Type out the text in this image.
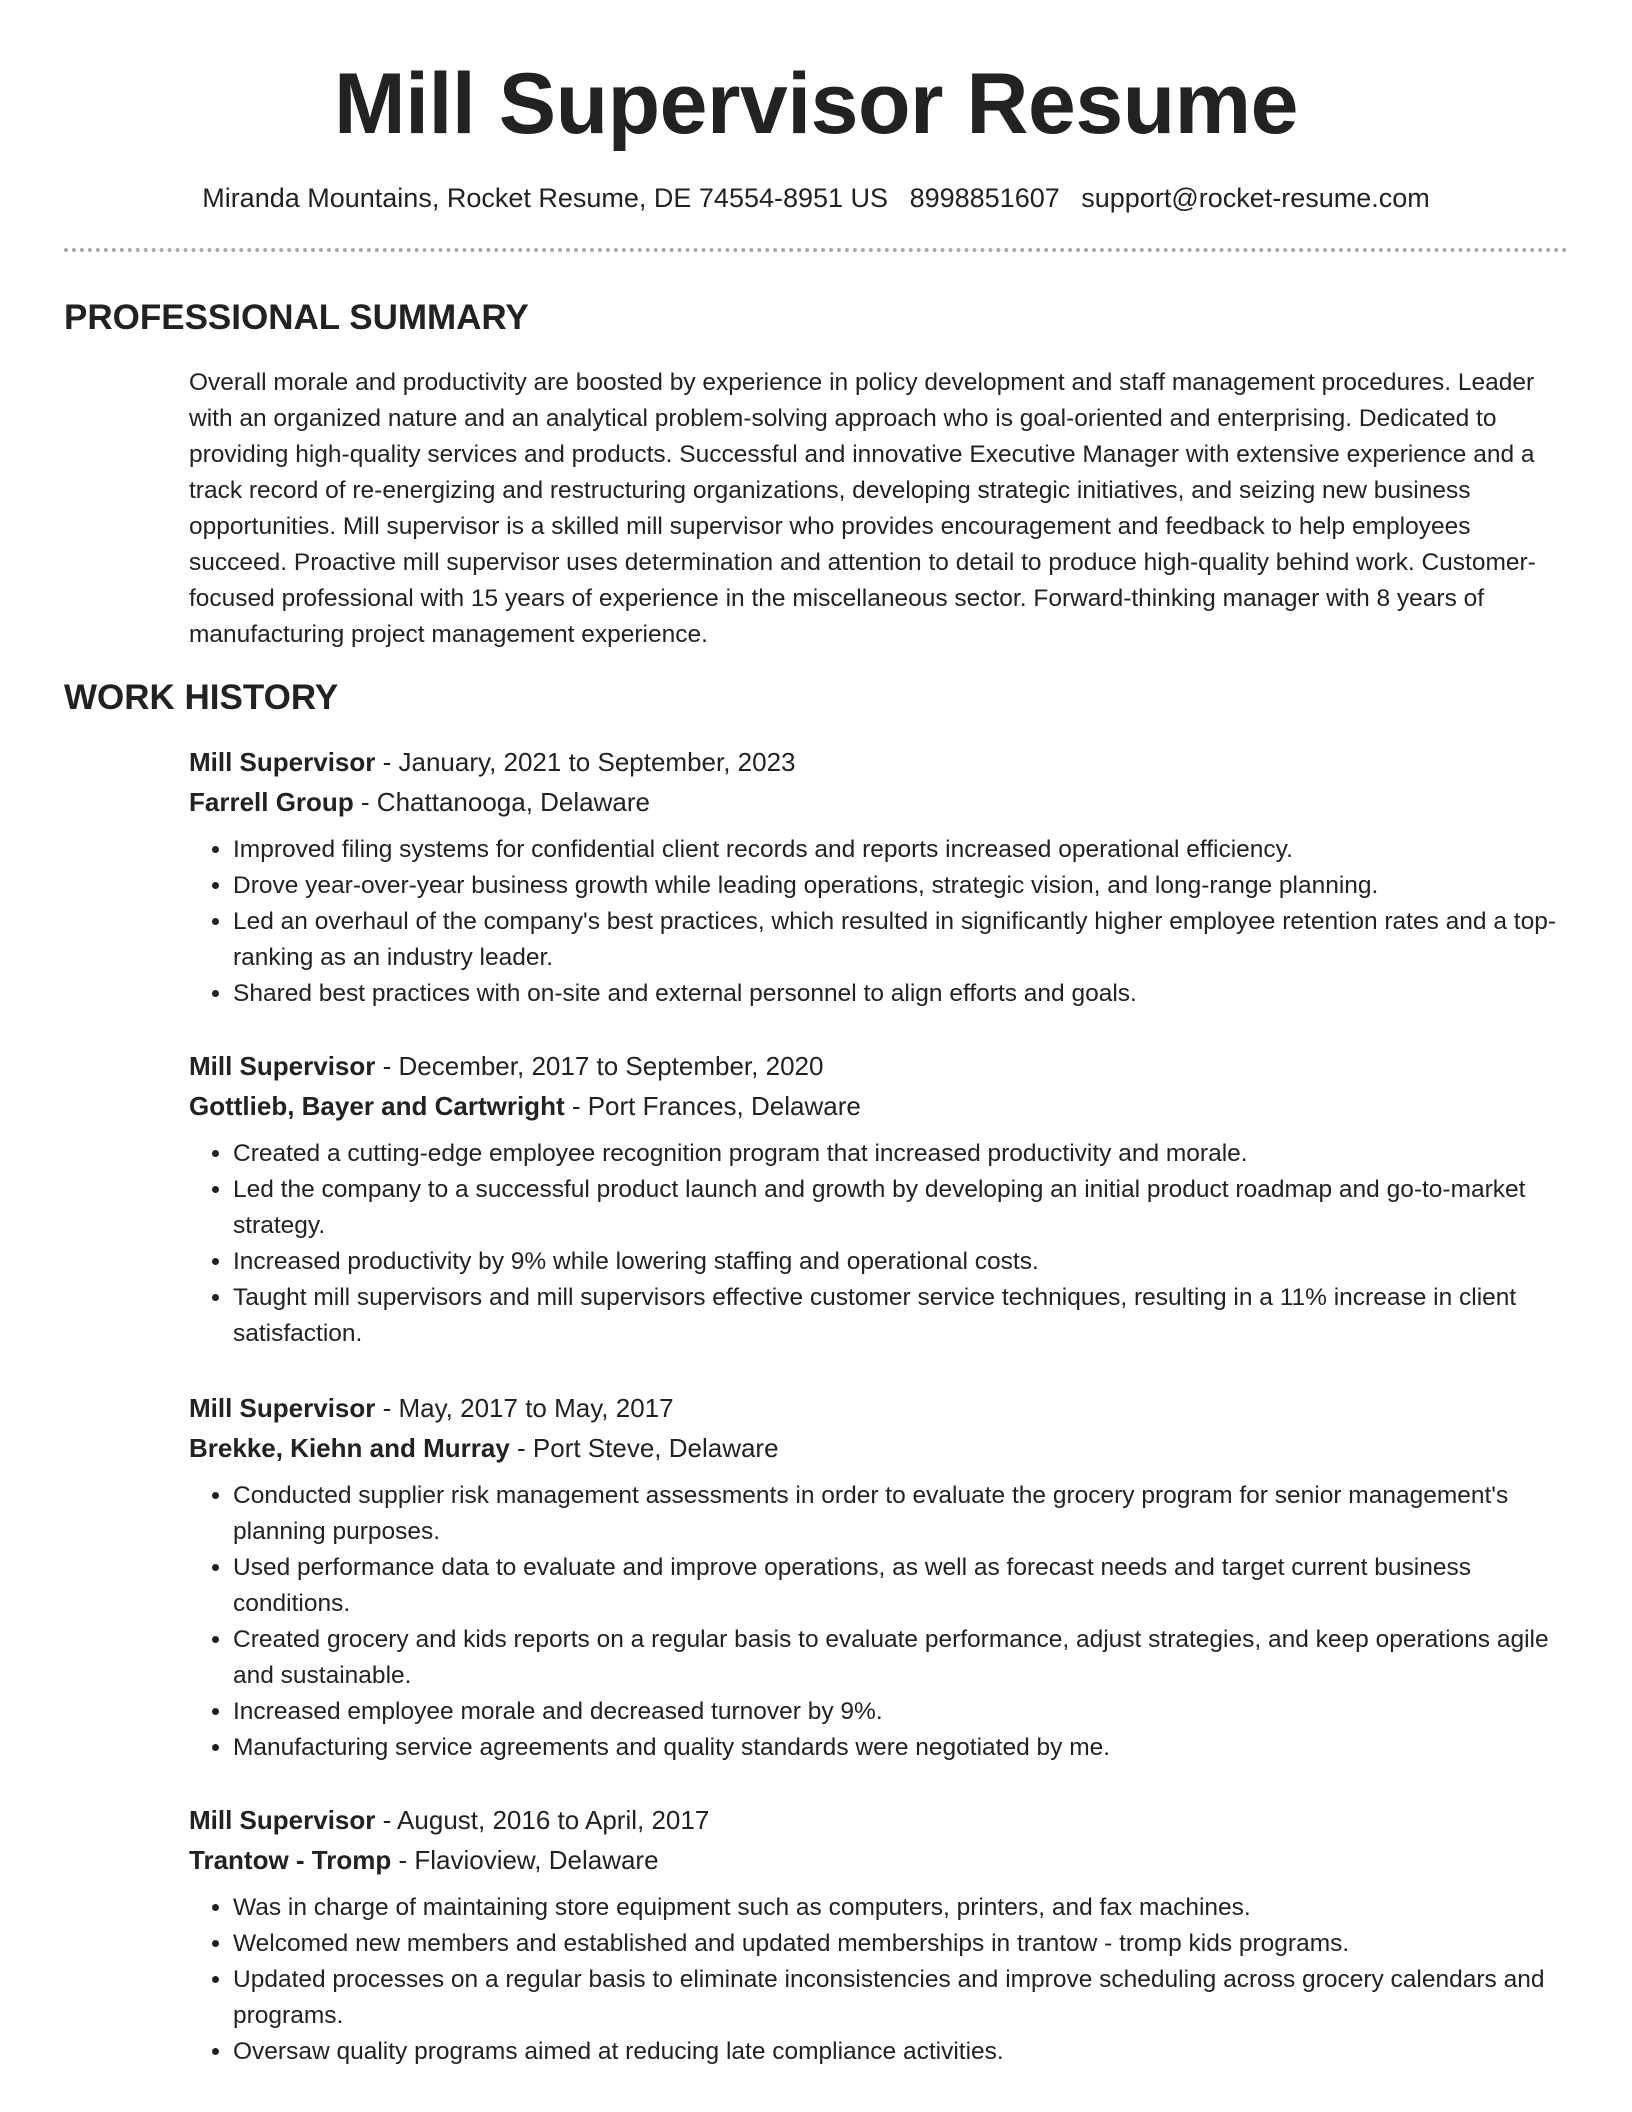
Mill Supervisor Resume
Miranda Mountains, Rocket Resume, DE 74554-8951 US 8998851607 support@rocket-resume.com
PROFESSIONAL SUMMARY

Overall morale and productivity are boosted by experience in policy development and staff management procedures. Leader with an organized nature and an analytical problem-solving approach who is goal-oriented and enterprising. Dedicated to providing high-quality services and products. Successful and innovative Executive Manager with extensive experience and a track record of re-energizing and restructuring organizations, developing strategic initiatives, and seizing new business opportunities. Mill supervisor is a skilled mill supervisor who provides encouragement and feedback to help employees succeed. Proactive mill supervisor uses determination and attention to detail to produce high-quality behind work. Customer-focused professional with 15 years of experience in the miscellaneous sector. Forward-thinking manager with 8 years of manufacturing project management experience.

WORK HISTORY
Mill Supervisor - January, 2021 to September, 2023
Farrell Group - Chattanooga, Delaware
• Improved filing systems for confidential client records and reports increased operational efficiency.
• Drove year-over-year business growth while leading operations, strategic vision, and long-range planning.
• Led an overhaul of the company's best practices, which resulted in significantly higher employee retention rates and a top-ranking as an industry leader.
• Shared best practices with on-site and external personnel to align efforts and goals.
Mill Supervisor - December, 2017 to September, 2020
Gottlieb, Bayer and Cartwright - Port Frances, Delaware
• Created a cutting-edge employee recognition program that increased productivity and morale.
• Led the company to a successful product launch and growth by developing an initial product roadmap and go-to-market strategy.
• Increased productivity by 9% while lowering staffing and operational costs.
• Taught mill supervisors and mill supervisors effective customer service techniques, resulting in a 11% increase in client satisfaction.
Mill Supervisor - May, 2017 to May, 2017
Brekke, Kiehn and Murray - Port Steve, Delaware
• Conducted supplier risk management assessments in order to evaluate the grocery program for senior management's planning purposes.
• Used performance data to evaluate and improve operations, as well as forecast needs and target current business conditions.
• Created grocery and kids reports on a regular basis to evaluate performance, adjust strategies, and keep operations agile and sustainable.
• Increased employee morale and decreased turnover by 9%.
• Manufacturing service agreements and quality standards were negotiated by me.
Mill Supervisor - August, 2016 to April, 2017
Trantow - Tromp - Flavioview, Delaware
• Was in charge of maintaining store equipment such as computers, printers, and fax machines.
• Welcomed new members and established and updated memberships in trantow - tromp kids programs.
• Updated processes on a regular basis to eliminate inconsistencies and improve scheduling across grocery calendars and programs.
• Oversaw quality programs aimed at reducing late compliance activities.
